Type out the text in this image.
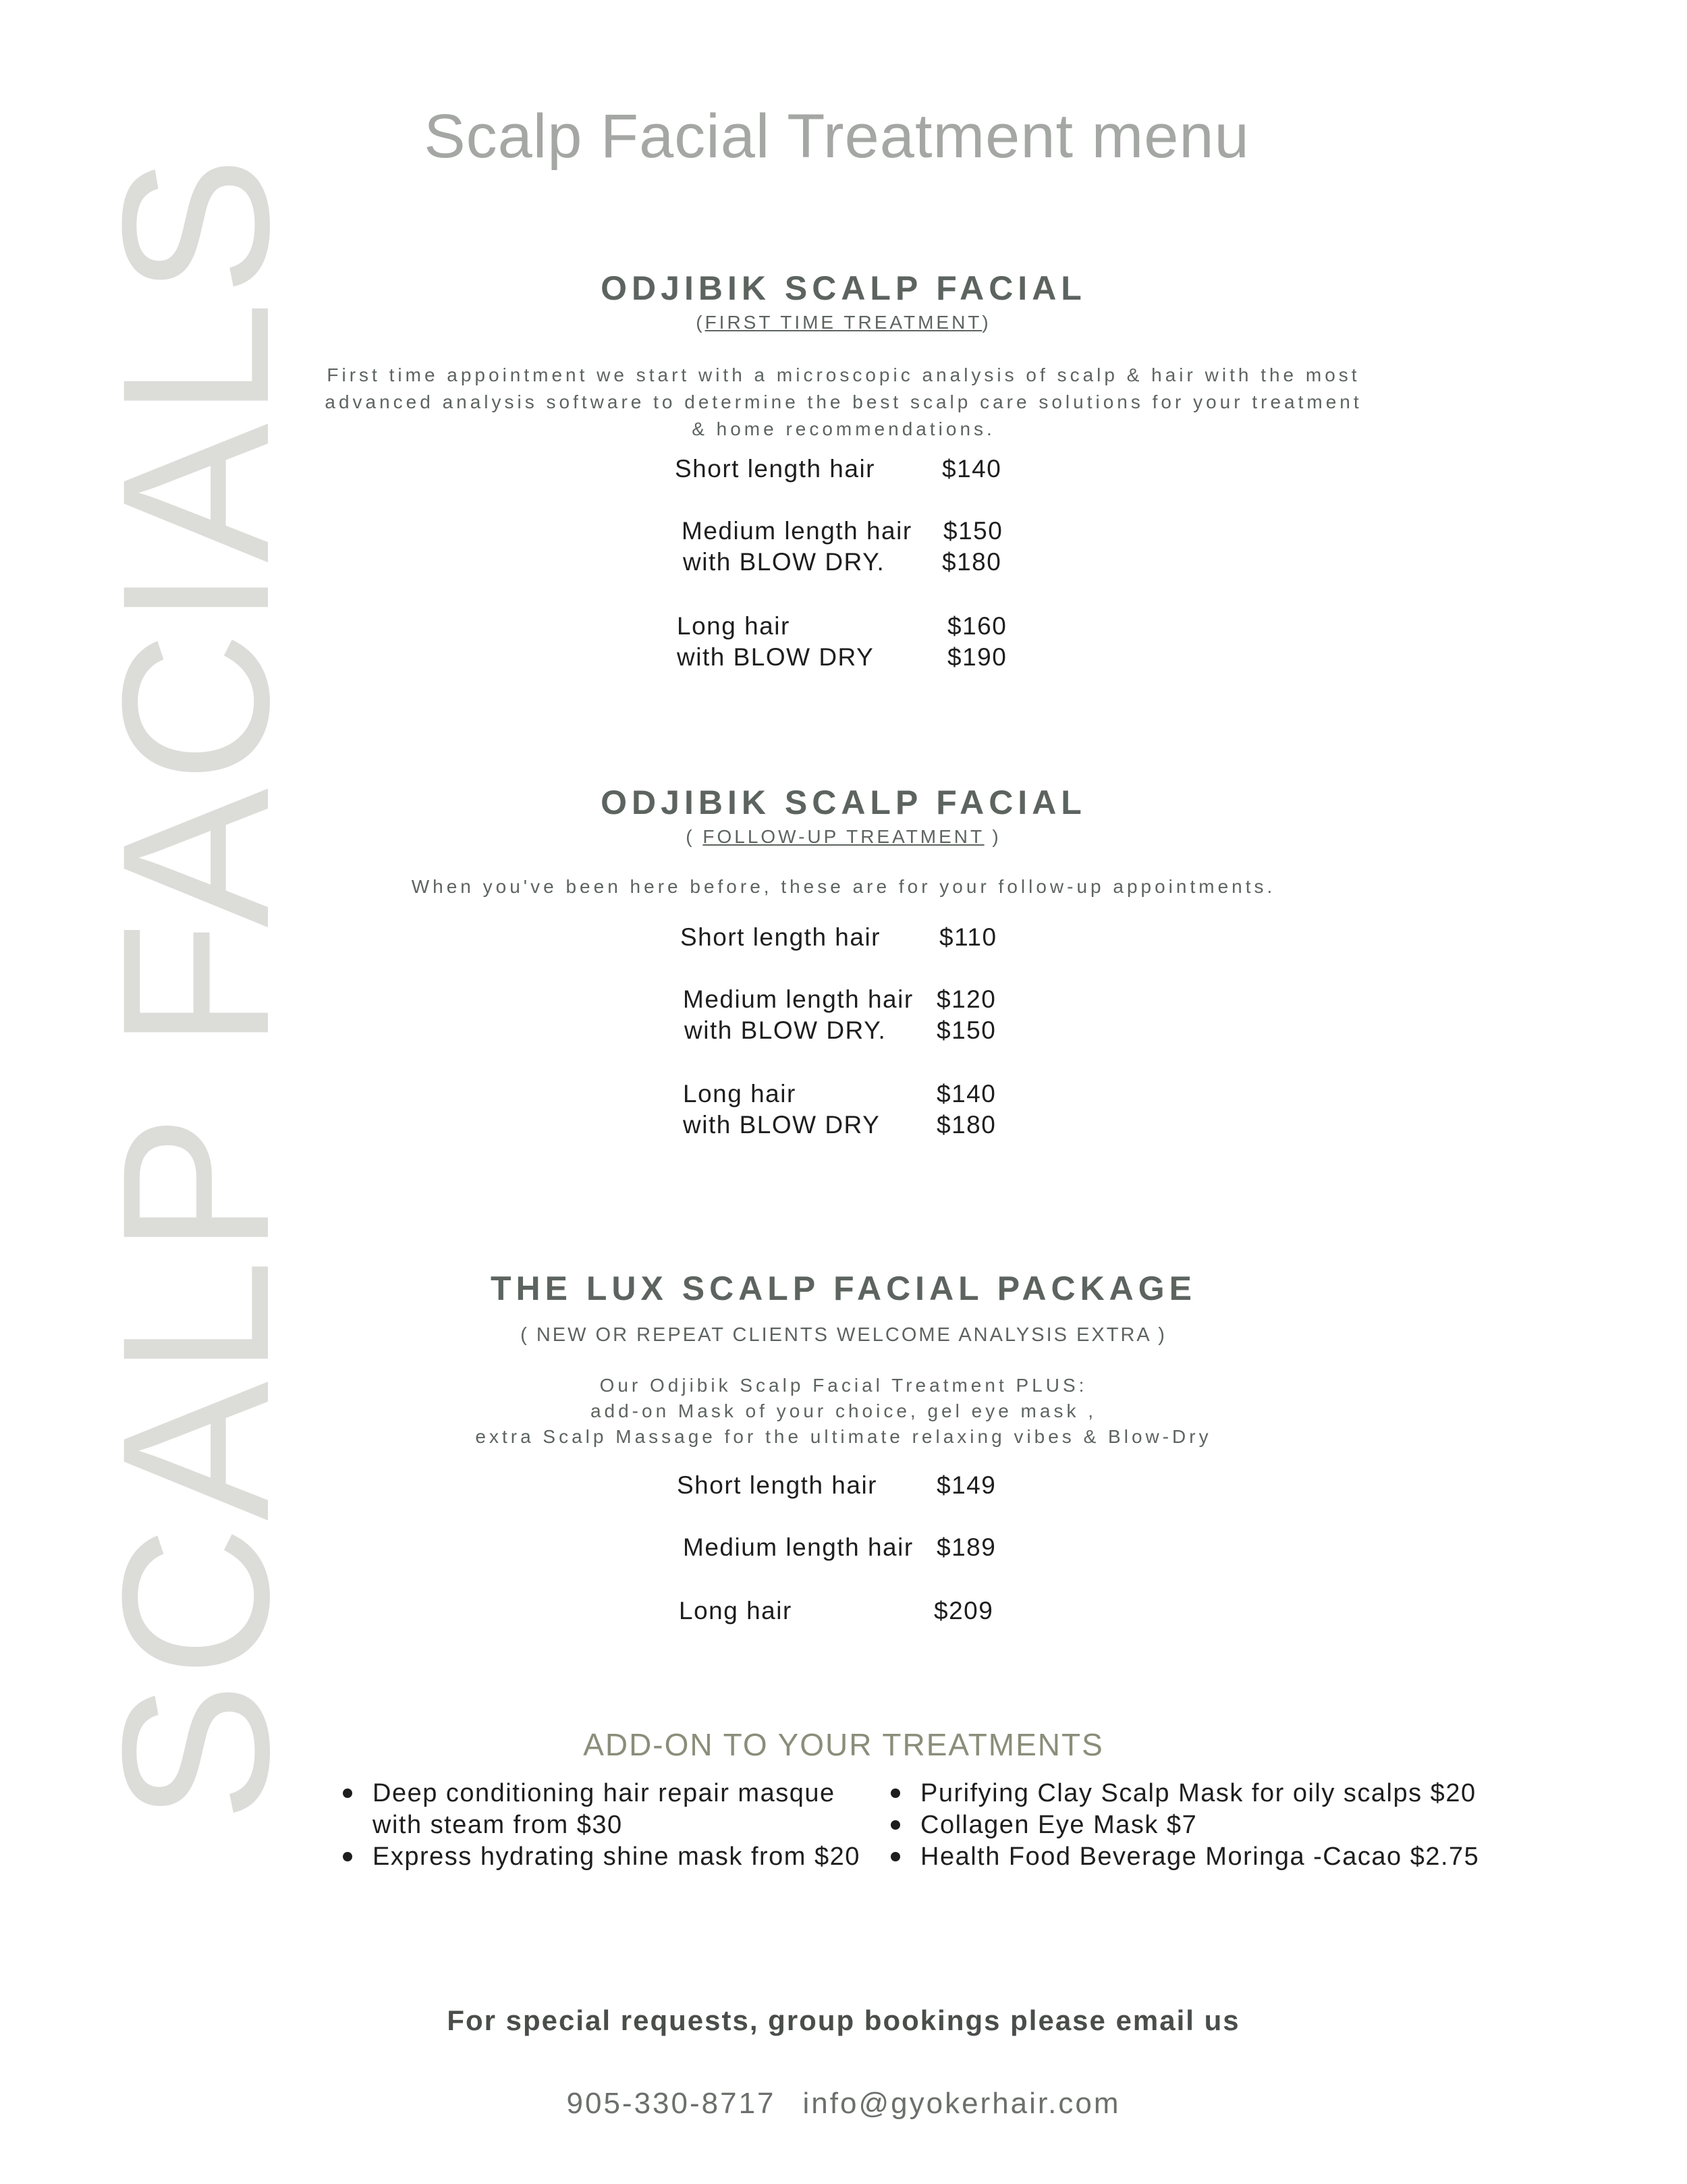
SCALP FACIALS
Scalp Facial Treatment menu
ODJIBIK SCALP FACIAL
(FIRST TIME TREATMENT)
First time appointment we start with a microscopic analysis of scalp & hair with the most
advanced analysis software to determine the best scalp care solutions for your treatment
& home recommendations.
Short length hair	$140
Medium length hair $150
with BLOW DRY. $180
Long hair	$160
with BLOW DRY	$190
ODJIBIK SCALP FACIAL
( FOLLOW-UP TREATMENT )
When you've been here before, these are for your follow-up appointments.
Short length hair $110
Medium length hair $120
with BLOW DRY. $150
Long hair	$140
with BLOW DRY $180
THE LUX SCALP FACIAL PACKAGE
( NEW OR REPEAT CLIENTS WELCOME ANALYSIS EXTRA )
Our Odjibik Scalp Facial Treatment PLUS:
add-on Mask of your choice, gel eye mask ,
extra Scalp Massage for the ultimate relaxing vibes & Blow-Dry
Short length hair $149
Medium length hair $189
Long hair	$209
ADD-ON TO YOUR TREATMENTS
Deep conditioning hair repair masque
with steam from $30
Express hydrating shine mask from $20
Purifying Clay Scalp Mask for oily scalps $20
Collagen Eye Mask $7
Health Food Beverage Moringa -Cacao $2.75
For special requests, group bookings please email us
905-330-8717 info@gyokerhair.com
